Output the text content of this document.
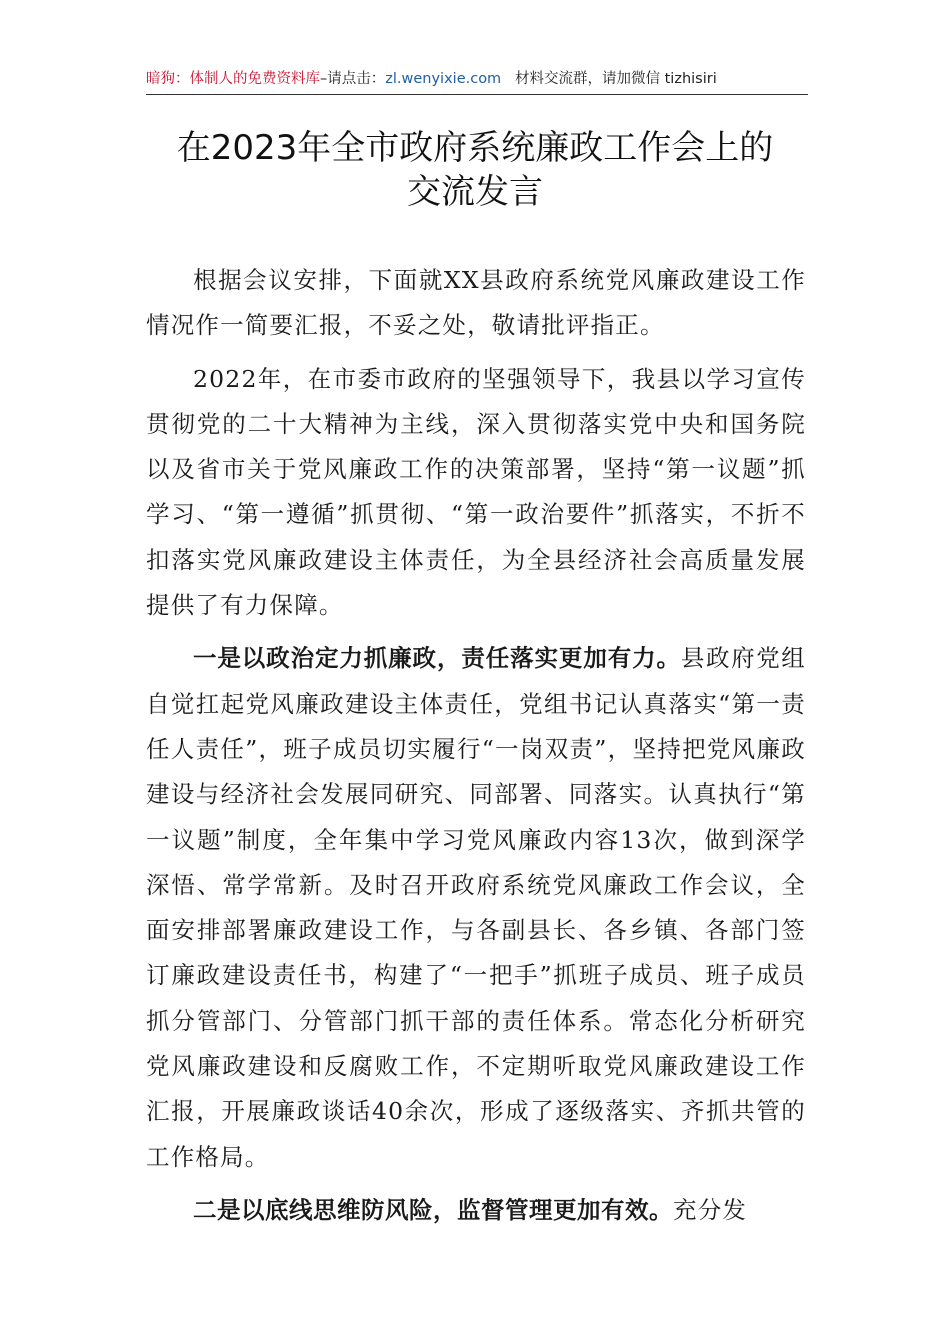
暗狗：体制人的免费资料库–请点击：zl.wenyixie.com 材料交流群，请加微信 tizhisiri
在2023年全市政府系统廉政工作会上的
交流发言

根据会议安排，下面就XX县政府系统党风廉政建设工作情况作一简要汇报，不妥之处，敬请批评指正。

2022年，在市委市政府的坚强领导下，我县以学习宣传贯彻党的二十大精神为主线，深入贯彻落实党中央和国务院以及省市关于党风廉政工作的决策部署，坚持“第一议题”抓学习、“第一遵循”抓贯彻、“第一政治要件”抓落实，不折不扣落实党风廉政建设主体责任，为全县经济社会高质量发展提供了有力保障。

一是以政治定力抓廉政，责任落实更加有力。县政府党组自觉扛起党风廉政建设主体责任，党组书记认真落实“第一责任人责任”，班子成员切实履行“一岗双责”，坚持把党风廉政建设与经济社会发展同研究、同部署、同落实。认真执行“第一议题”制度，全年集中学习党风廉政内容13次，做到深学深悟、常学常新。及时召开政府系统党风廉政工作会议，全面安排部署廉政建设工作，与各副县长、各乡镇、各部门签订廉政建设责任书，构建了“一把手”抓班子成员、班子成员抓分管部门、分管部门抓干部的责任体系。常态化分析研究党风廉政建设和反腐败工作，不定期听取党风廉政建设工作汇报，开展廉政谈话40余次，形成了逐级落实、齐抓共管的工作格局。

二是以底线思维防风险，监督管理更加有效。充分发
